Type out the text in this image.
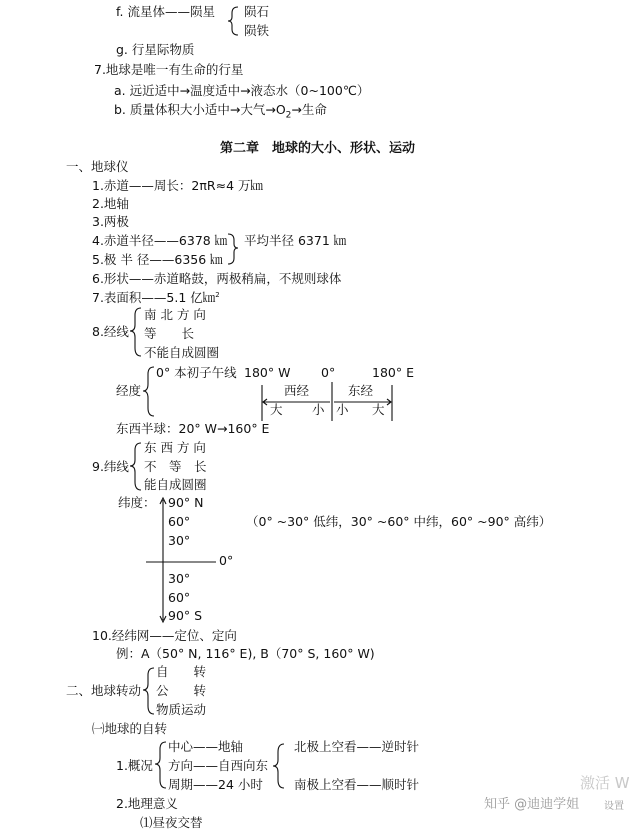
f. 流星体——陨星 陨石
陨铁
g. 行星际物质
7.地球是唯一有生命的行星
a. 远近适中→温度适中→液态水（0~100℃）
b. 质量体积大小适中→大气$\to O_2\to$生命
第二章　地球的大小、形状、运动
一、地球仪
1.赤道——周长：2πR≈4 万㎞
2.地轴
3.两极
4.赤道半径——6378 ㎞
5.极 半 径——6356 ㎞
平均半径 6371 ㎞
6.形状——赤道略鼓，两极稍扁，不规则球体
7.表面积——5.1 亿㎞$^2$
8.经线
南 北 方 向
等　　长
不能自成圆圈
经度
0° 本初子午线 180° W 0°	180° E
西经	东经
大 小 小 大
东西半球：20° W→160° E
9.纬线
东 西 方 向
不　等　长
能自成圆圈
纬度： 90° N
60°
30°
0°
30°
60°
90° S
（0° ~30° 低纬，30° ~60° 中纬，60° ~90° 高纬）
10.经纬网——定位、定向
例：A（50° N, 116° E), B（70° S, 160° W)
二、地球转动
自　　转
公　　转
物质运动
㈠地球的自转
1.概况
中心——地轴
方向——自西向东
周期——24 小时
北极上空看——逆时针
南极上空看——顺时针
2.地理意义
⑴昼夜交替
激活 W
知乎 @迪迪学姐 设置
